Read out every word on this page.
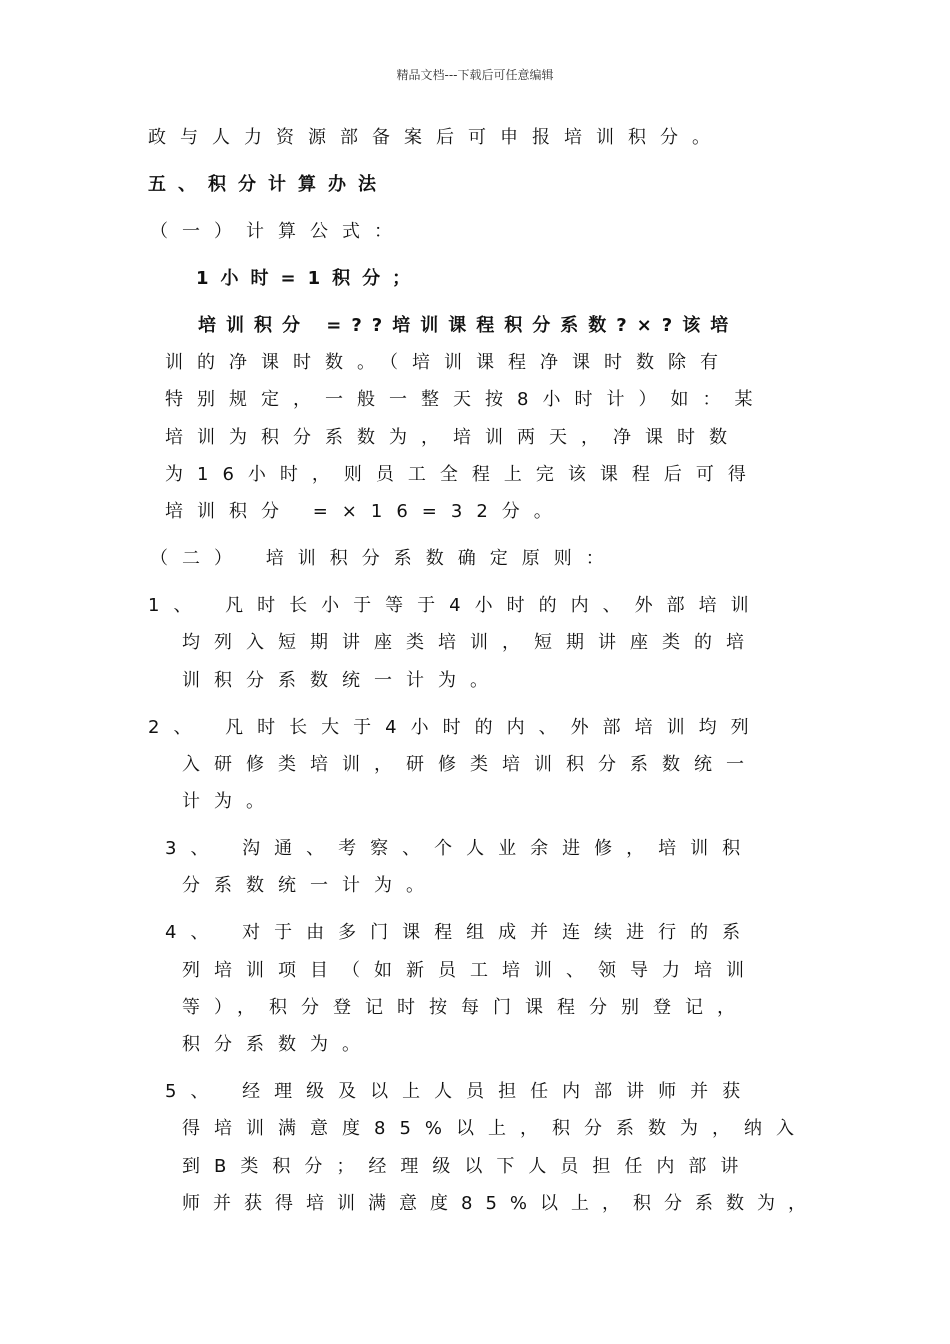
精品文档---下载后可任意编辑
政与人力资源部备案后可申报培训积分。
五、积分计算办法
（一）计算公式：
1小时=1积分；
培训积分 =??培训课程积分系数?×?该培
训的净课时数。（培训课程净课时数除有
特别规定，一般一整天按8小时计）如：某
培训为积分系数为，培训两天，净课时数
为16小时，则员工全程上完该课程后可得
培训积分 =×16=32分。
（二） 培训积分系数确定原则：
1、 凡时长小于等于4小时的内、外部培训
均列入短期讲座类培训，短期讲座类的培
训积分系数统一计为。
2、 凡时长大于4小时的内、外部培训均列
入研修类培训，研修类培训积分系数统一
计为。
3、 沟通、考察、个人业余进修，培训积
分系数统一计为。
4、 对于由多门课程组成并连续进行的系
列培训项目（如新员工培训、领导力培训
等），积分登记时按每门课程分别登记，
积分系数为。
5、 经理级及以上人员担任内部讲师并获
得培训满意度85%以上，积分系数为，纳入
到B类积分；经理级以下人员担任内部讲
师并获得培训满意度85%以上，积分系数为，
